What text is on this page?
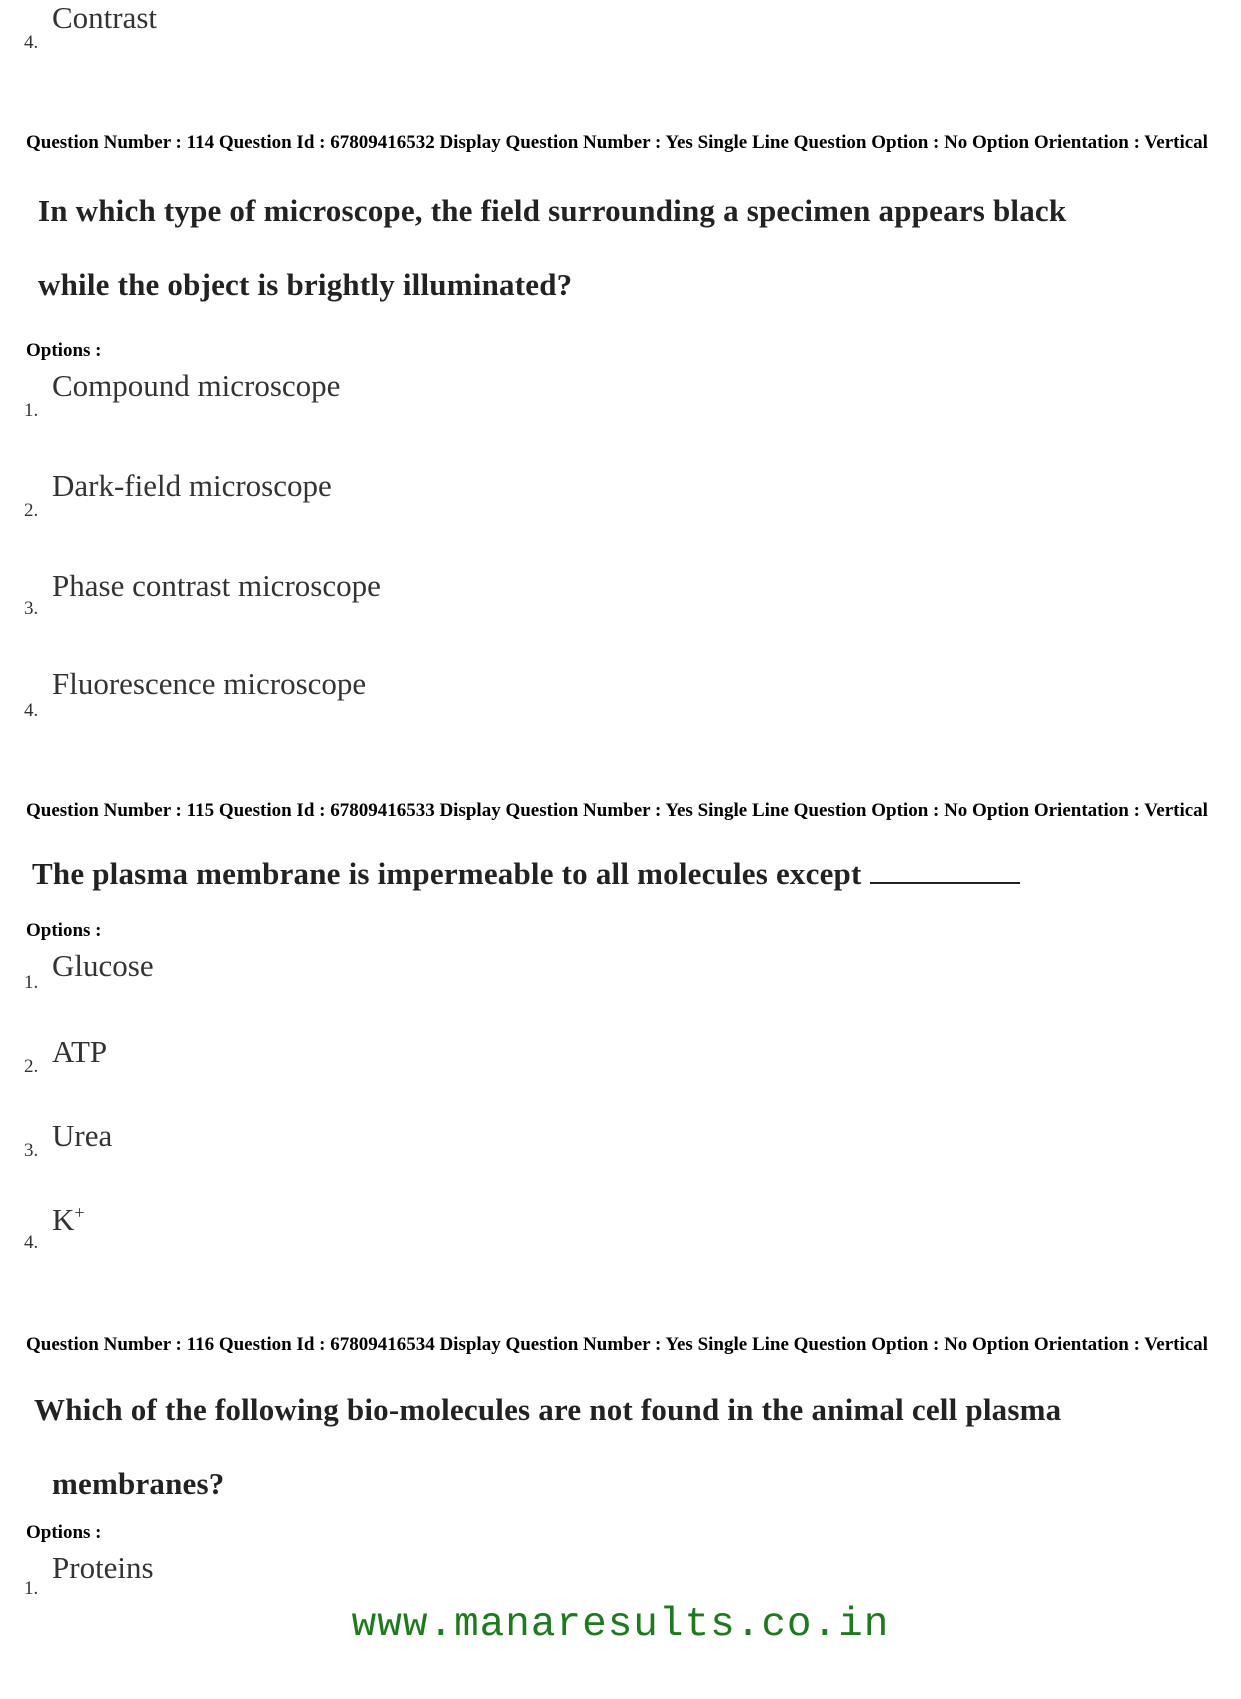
Contrast
4.
Question Number : 114 Question Id : 67809416532 Display Question Number : Yes Single Line Question Option : No Option Orientation : Vertical
In which type of microscope, the field surrounding a specimen appears black
while the object is brightly illuminated?
Options :
Compound microscope
1.
Dark-field microscope
2.
Phase contrast microscope
3.
Fluorescence microscope
4.
Question Number : 115 Question Id : 67809416533 Display Question Number : Yes Single Line Question Option : No Option Orientation : Vertical
The plasma membrane is impermeable to all molecules except
Options :
Glucose
1.
ATP
2.
Urea
3.
K+
4.
Question Number : 116 Question Id : 67809416534 Display Question Number : Yes Single Line Question Option : No Option Orientation : Vertical
Which of the following bio-molecules are not found in the animal cell plasma
membranes?
Options :
Proteins
1.
www.manaresults.co.in
